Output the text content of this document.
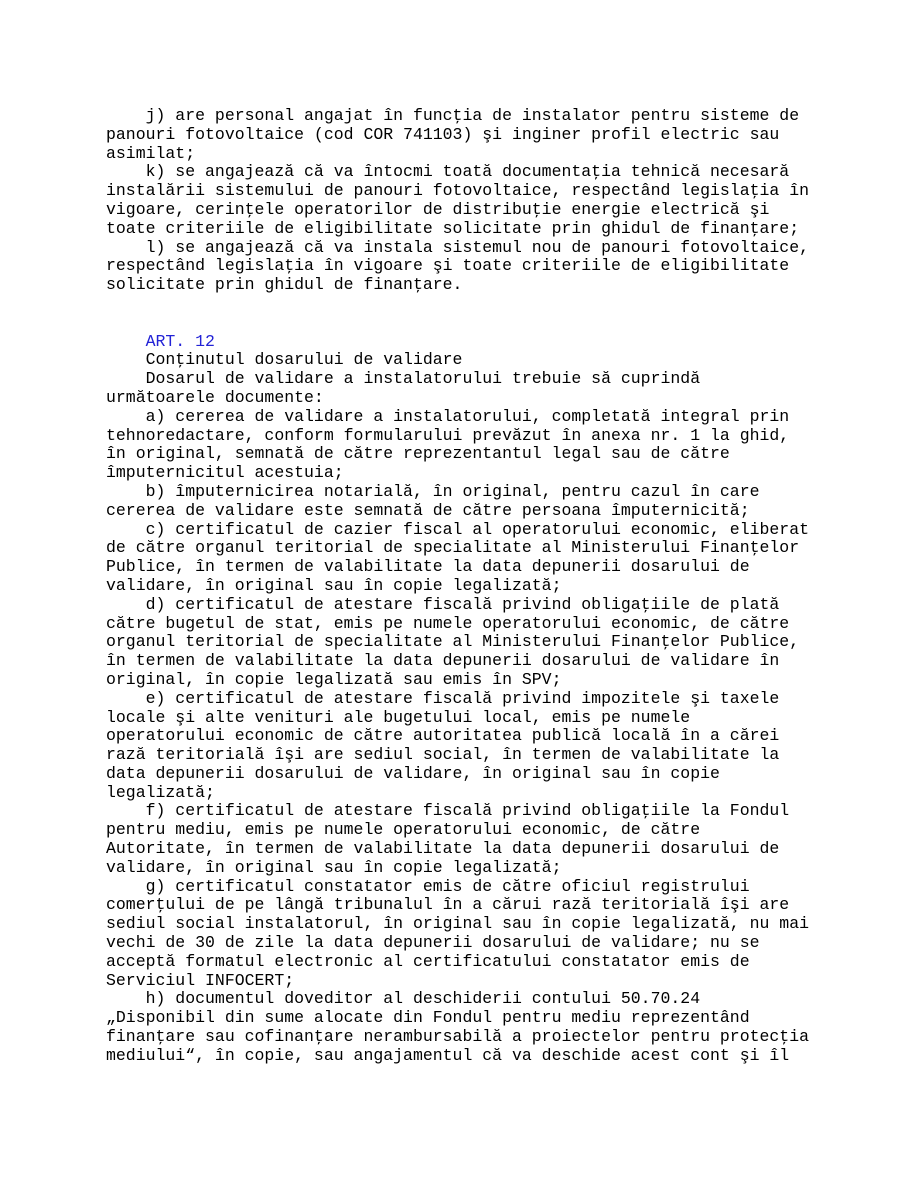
j) are personal angajat în funcţia de instalator pentru sisteme de
panouri fotovoltaice (cod COR 741103) şi inginer profil electric sau
asimilat;
k) se angajează că va întocmi toată documentaţia tehnică necesară
instalării sistemului de panouri fotovoltaice, respectând legislaţia în
vigoare, cerinţele operatorilor de distribuţie energie electrică şi
toate criteriile de eligibilitate solicitate prin ghidul de finanţare;
l) se angajează că va instala sistemul nou de panouri fotovoltaice,
respectând legislaţia în vigoare şi toate criteriile de eligibilitate
solicitate prin ghidul de finanţare.
ART. 12
Conţinutul dosarului de validare
Dosarul de validare a instalatorului trebuie să cuprindă
următoarele documente:
a) cererea de validare a instalatorului, completată integral prin
tehnoredactare, conform formularului prevăzut în anexa nr. 1 la ghid,
în original, semnată de către reprezentantul legal sau de către
împuternicitul acestuia;
b) împuternicirea notarială, în original, pentru cazul în care
cererea de validare este semnată de către persoana împuternicită;
c) certificatul de cazier fiscal al operatorului economic, eliberat
de către organul teritorial de specialitate al Ministerului Finanţelor
Publice, în termen de valabilitate la data depunerii dosarului de
validare, în original sau în copie legalizată;
d) certificatul de atestare fiscală privind obligaţiile de plată
către bugetul de stat, emis pe numele operatorului economic, de către
organul teritorial de specialitate al Ministerului Finanţelor Publice,
în termen de valabilitate la data depunerii dosarului de validare în
original, în copie legalizată sau emis în SPV;
e) certificatul de atestare fiscală privind impozitele şi taxele
locale şi alte venituri ale bugetului local, emis pe numele
operatorului economic de către autoritatea publică locală în a cărei
rază teritorială îşi are sediul social, în termen de valabilitate la
data depunerii dosarului de validare, în original sau în copie
legalizată;
f) certificatul de atestare fiscală privind obligaţiile la Fondul
pentru mediu, emis pe numele operatorului economic, de către
Autoritate, în termen de valabilitate la data depunerii dosarului de
validare, în original sau în copie legalizată;
g) certificatul constatator emis de către oficiul registrului
comerţului de pe lângă tribunalul în a cărui rază teritorială îşi are
sediul social instalatorul, în original sau în copie legalizată, nu mai
vechi de 30 de zile la data depunerii dosarului de validare; nu se
acceptă formatul electronic al certificatului constatator emis de
Serviciul INFOCERT;
h) documentul doveditor al deschiderii contului 50.70.24
„Disponibil din sume alocate din Fondul pentru mediu reprezentând
finanţare sau cofinanţare nerambursabilă a proiectelor pentru protecţia
mediului“, în copie, sau angajamentul că va deschide acest cont şi îl
